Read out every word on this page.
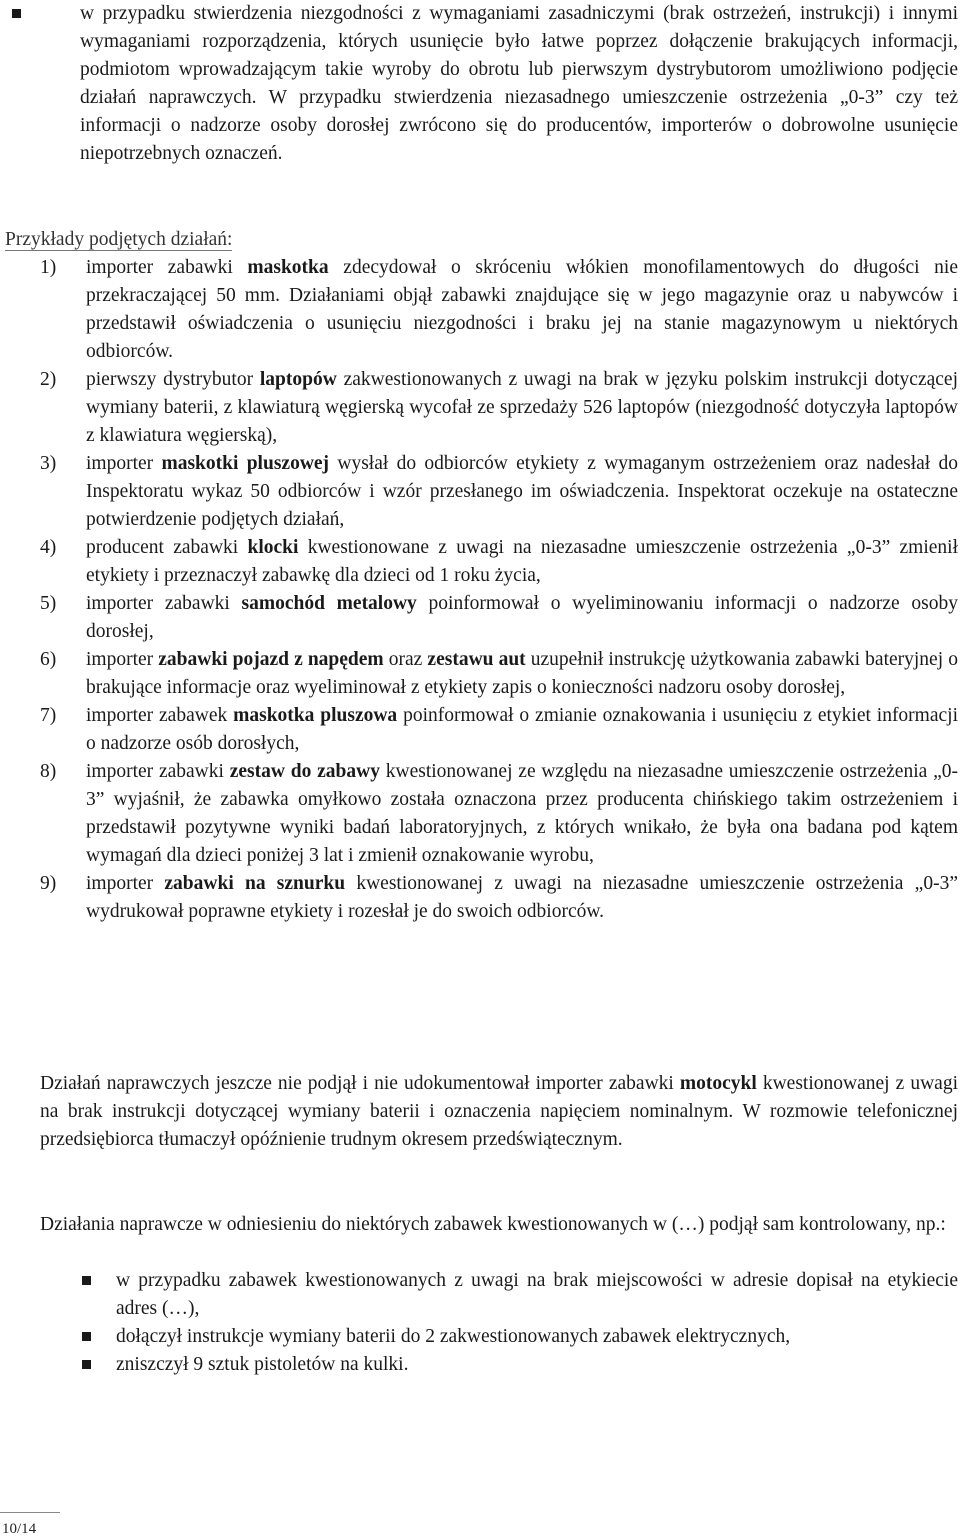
w przypadku stwierdzenia niezgodności z wymaganiami zasadniczymi (brak ostrzeżeń, instrukcji) i innymi wymaganiami rozporządzenia, których usunięcie było łatwe poprzez dołączenie brakujących informacji, podmiotom wprowadzającym takie wyroby do obrotu lub pierwszym dystrybutorom umożliwiono podjęcie działań naprawczych. W przypadku stwierdzenia niezasadnego umieszczenie ostrzeżenia „0-3” czy też informacji o nadzorze osoby dorosłej zwrócono się do producentów, importerów o dobrowolne usunięcie niepotrzebnych oznaczeń.

Przykłady podjętych działań:
1) importer zabawki maskotka zdecydował o skróceniu włókien monofilamentowych do długości nie przekraczającej 50 mm. Działaniami objął zabawki znajdujące się w jego magazynie oraz u nabywców i przedstawił oświadczenia o usunięciu niezgodności i braku jej na stanie magazynowym u niektórych odbiorców.
2) pierwszy dystrybutor laptopów zakwestionowanych z uwagi na brak w języku polskim instrukcji dotyczącej wymiany baterii, z klawiaturą węgierską wycofał ze sprzedaży 526 laptopów (niezgodność dotyczyła laptopów z klawiatura węgierską),
3) importer maskotki pluszowej wysłał do odbiorców etykiety z wymaganym ostrzeżeniem oraz nadesłał do Inspektoratu wykaz 50 odbiorców i wzór przesłanego im oświadczenia. Inspektorat oczekuje na ostateczne potwierdzenie podjętych działań,
4) producent zabawki klocki kwestionowane z uwagi na niezasadne umieszczenie ostrzeżenia „0-3” zmienił etykiety i przeznaczył zabawkę dla dzieci od 1 roku życia,
5) importer zabawki samochód metalowy poinformował o wyeliminowaniu informacji o nadzorze osoby dorosłej,
6) importer zabawki pojazd z napędem oraz zestawu aut uzupełnił instrukcję użytkowania zabawki bateryjnej o brakujące informacje oraz wyeliminował z etykiety zapis o konieczności nadzoru osoby dorosłej,
7) importer zabawek maskotka pluszowa poinformował o zmianie oznakowania i usunięciu z etykiet informacji o nadzorze osób dorosłych,
8) importer zabawki zestaw do zabawy kwestionowanej ze względu na niezasadne umieszczenie ostrzeżenia „0-3” wyjaśnił, że zabawka omyłkowo została oznaczona przez producenta chińskiego takim ostrzeżeniem i przedstawił pozytywne wyniki badań laboratoryjnych, z których wnikało, że była ona badana pod kątem wymagań dla dzieci poniżej 3 lat i zmienił oznakowanie wyrobu,
9) importer zabawki na sznurku kwestionowanej z uwagi na niezasadne umieszczenie ostrzeżenia „0-3” wydrukował poprawne etykiety i rozesłał je do swoich odbiorców.

Działań naprawczych jeszcze nie podjął i nie udokumentował importer zabawki motocykl kwestionowanej z uwagi na brak instrukcji dotyczącej wymiany baterii i oznaczenia napięciem nominalnym. W rozmowie telefonicznej przedsiębiorca tłumaczył opóźnienie trudnym okresem przedświątecznym.

Działania naprawcze w odniesieniu do niektórych zabawek kwestionowanych w (…) podjął sam kontrolowany, np.:

w przypadku zabawek kwestionowanych z uwagi na brak miejscowości w adresie dopisał na etykiecie adres (…),
dołączył instrukcje wymiany baterii do 2 zakwestionowanych zabawek elektrycznych,
zniszczył 9 sztuk pistoletów na kulki.
10/14
